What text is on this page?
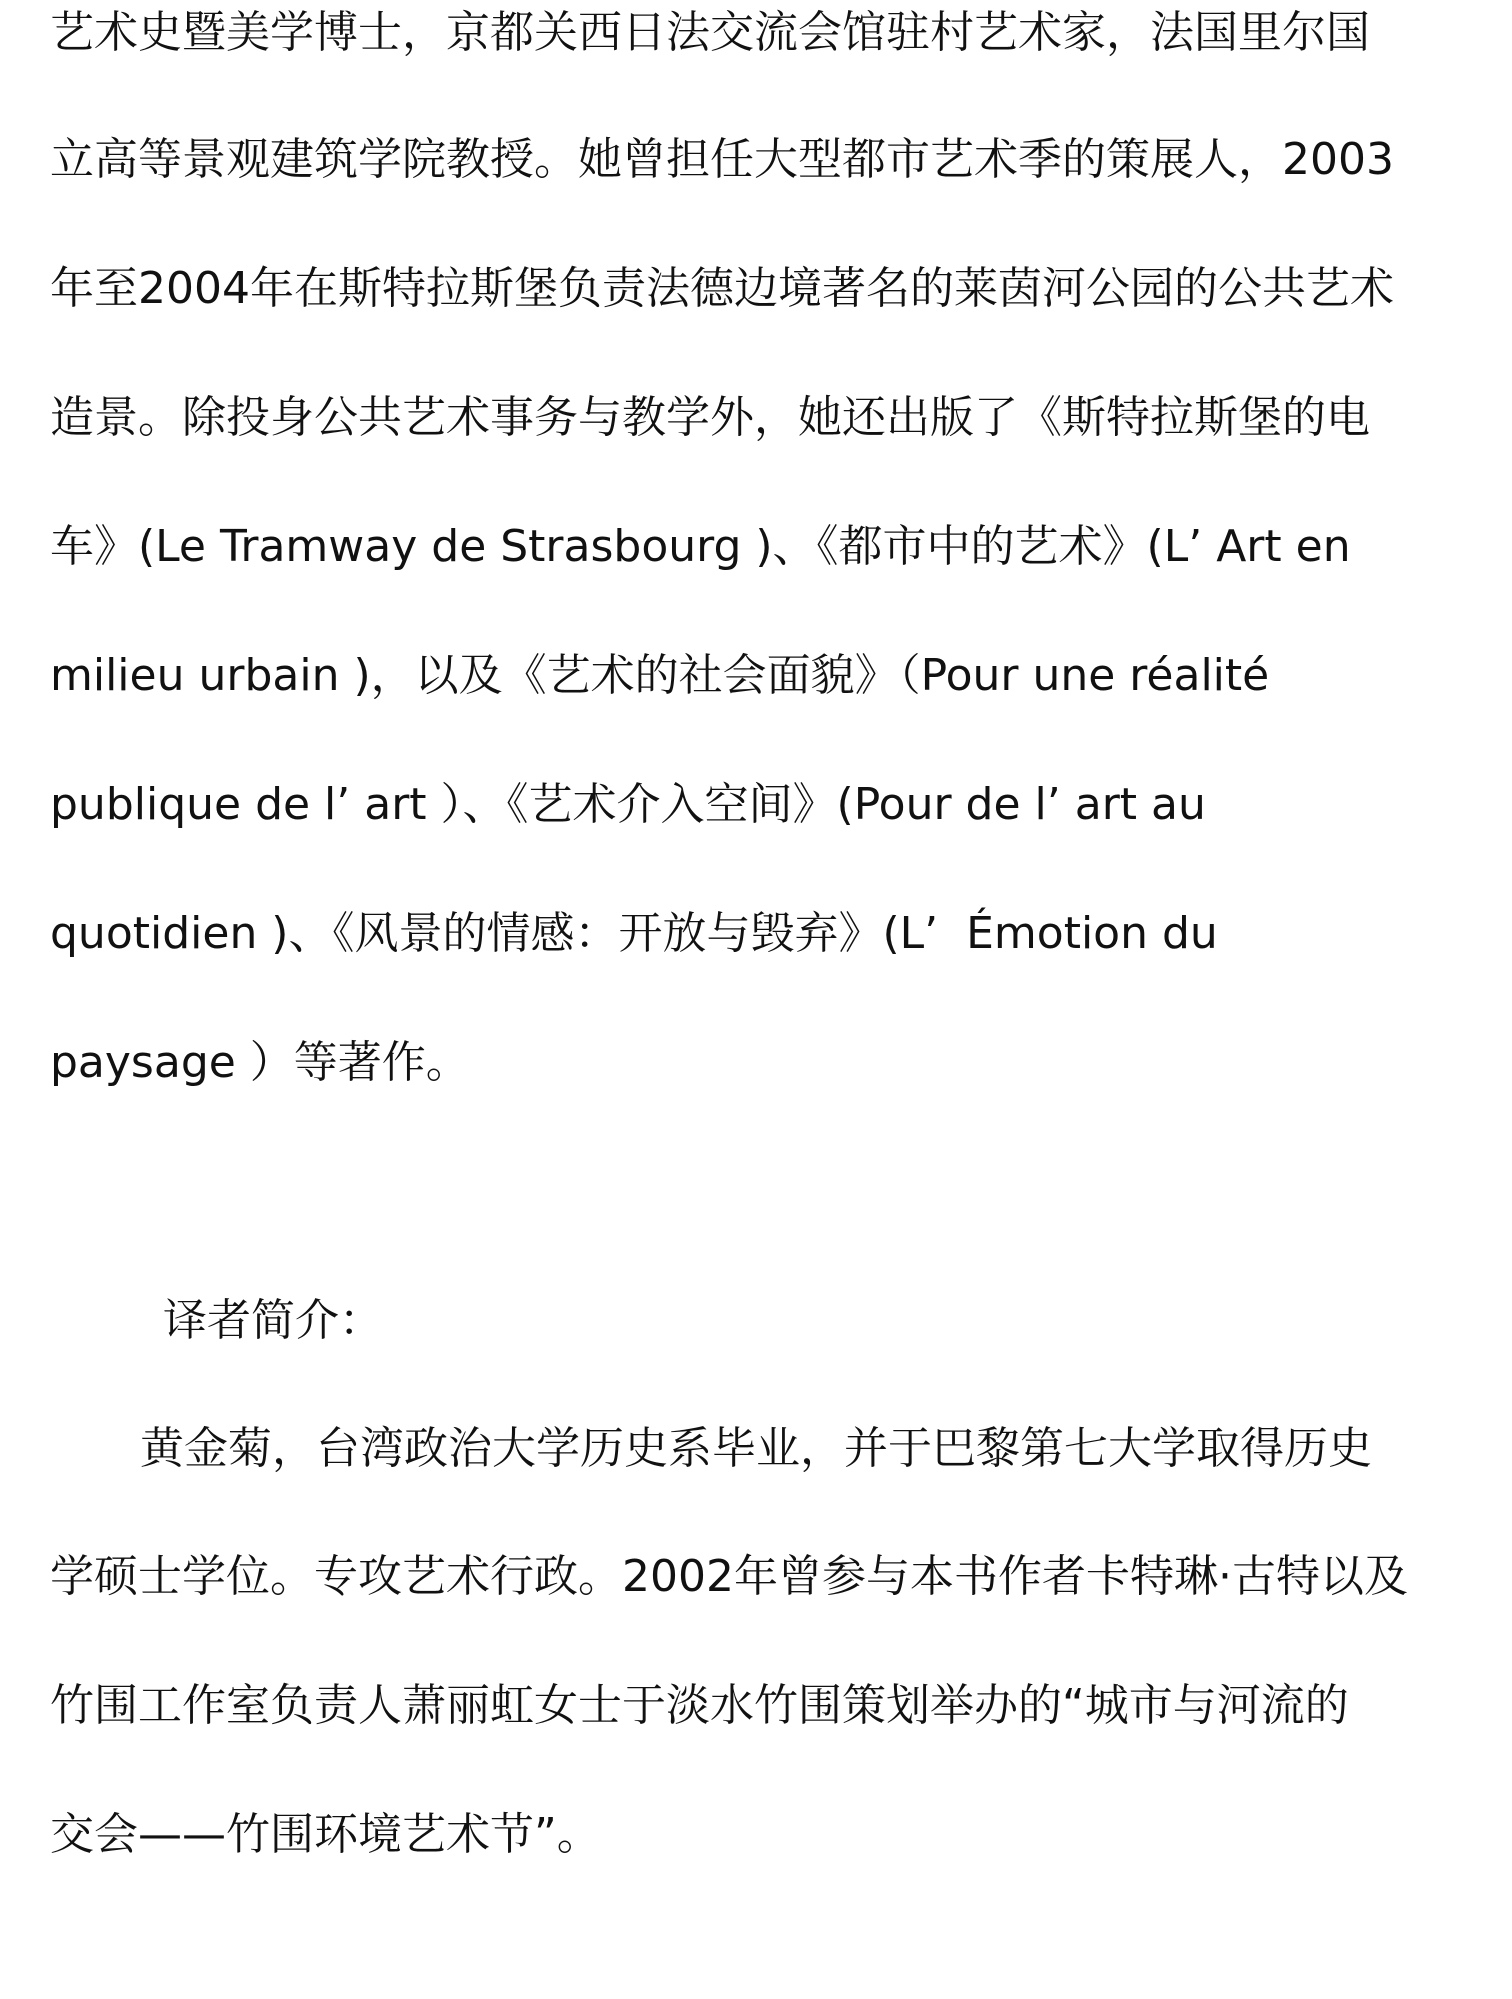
艺术史暨美学博士，京都关西日法交流会馆驻村艺术家，法国里尔国
立高等景观建筑学院教授。她曾担任大型都市艺术季的策展人，2003
年至2004年在斯特拉斯堡负责法德边境著名的莱茵河公园的公共艺术
造景。除投身公共艺术事务与教学外，她还出版了《斯特拉斯堡的电
车》(Le Tramway de Strasbourg )、《都市中的艺术》(L’ Art en
milieu urbain )，以及《艺术的社会面貌》（Pour une réalité
publique de l’ art ）、《艺术介入空间》(Pour de l’ art au
quotidien )、《风景的情感：开放与毁弃》(L’  Émotion du
paysage ）等著作。
译者简介：
黄金菊，台湾政治大学历史系毕业，并于巴黎第七大学取得历史
学硕士学位。专攻艺术行政。2002年曾参与本书作者卡特琳·古特以及
竹围工作室负责人萧丽虹女士于淡水竹围策划举办的“城市与河流的
交会——竹围环境艺术节”。
